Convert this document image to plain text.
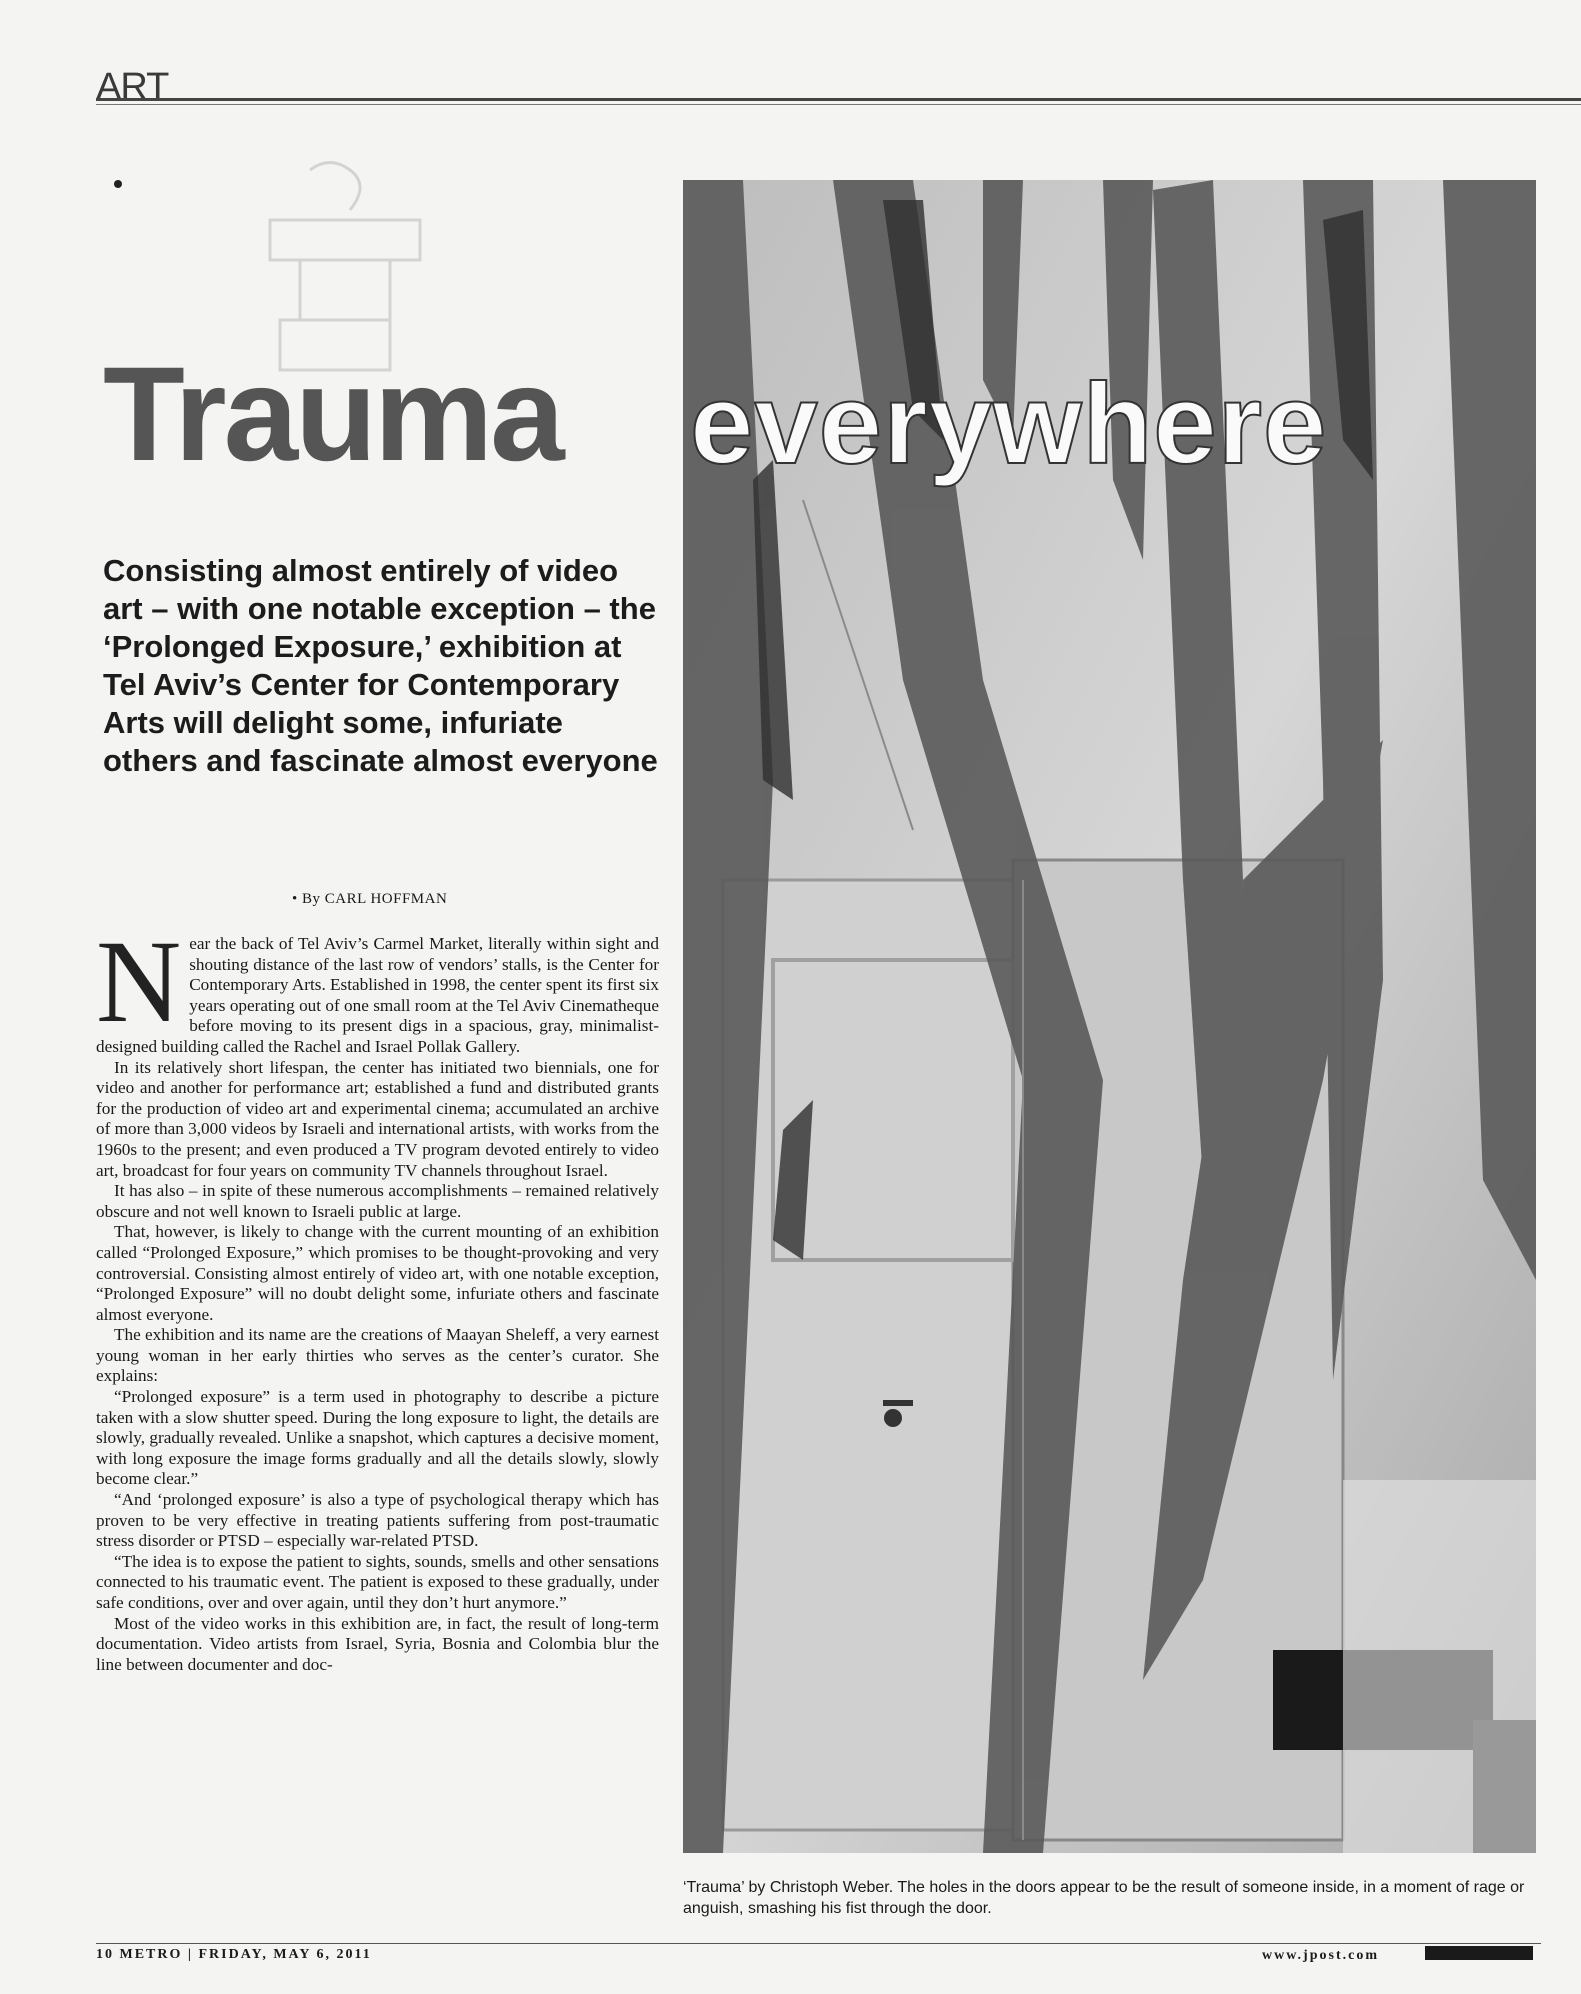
ART
Trauma everywhere
Consisting almost entirely of video art – with one notable exception – the ‘Prolonged Exposure,’ exhibition at Tel Aviv’s Center for Contemporary Arts will delight some, infuriate others and fascinate almost everyone
• By CARL HOFFMAN

Near the back of Tel Aviv’s Carmel Market, literally within sight and shouting distance of the last row of vendors’ stalls, is the Center for Contemporary Arts. Established in 1998, the center spent its first six years operating out of one small room at the Tel Aviv Cinematheque before moving to its present digs in a spacious, gray, minimalist-designed building called the Rachel and Israel Pollak Gallery.

In its relatively short lifespan, the center has initiated two biennials, one for video and another for performance art; established a fund and distributed grants for the production of video art and experimental cinema; accumulated an archive of more than 3,000 videos by Israeli and international artists, with works from the 1960s to the present; and even produced a TV program devoted entirely to video art, broadcast for four years on community TV channels throughout Israel.

It has also – in spite of these numerous accomplishments – remained relatively obscure and not well known to Israeli public at large.

That, however, is likely to change with the current mounting of an exhibition called “Prolonged Exposure,” which promises to be thought-provoking and very controversial. Consisting almost entirely of video art, with one notable exception, “Prolonged Exposure” will no doubt delight some, infuriate others and fascinate almost everyone.

The exhibition and its name are the creations of Maayan Sheleff, a very earnest young woman in her early thirties who serves as the center’s curator. She explains:

“Prolonged exposure” is a term used in photography to describe a picture taken with a slow shutter speed. During the long exposure to light, the details are slowly, gradually revealed. Unlike a snapshot, which captures a decisive moment, with long exposure the image forms gradually and all the details slowly, slowly become clear.”

“And ‘prolonged exposure’ is also a type of psychological therapy which has proven to be very effective in treating patients suffering from post-traumatic stress disorder or PTSD – especially war-related PTSD.

“The idea is to expose the patient to sights, sounds, smells and other sensations connected to his traumatic event. The patient is exposed to these gradually, under safe conditions, over and over again, until they don’t hurt anymore.”

Most of the video works in this exhibition are, in fact, the result of long-term documentation. Video artists from Israel, Syria, Bosnia and Colombia blur the line between documenter and doc-

‘Trauma’ by Christoph Weber. The holes in the doors appear to be the result of someone inside, in a moment of rage or anguish, smashing his fist through the door.
10 METRO | FRIDAY, MAY 6, 2011	www.jpost.com
